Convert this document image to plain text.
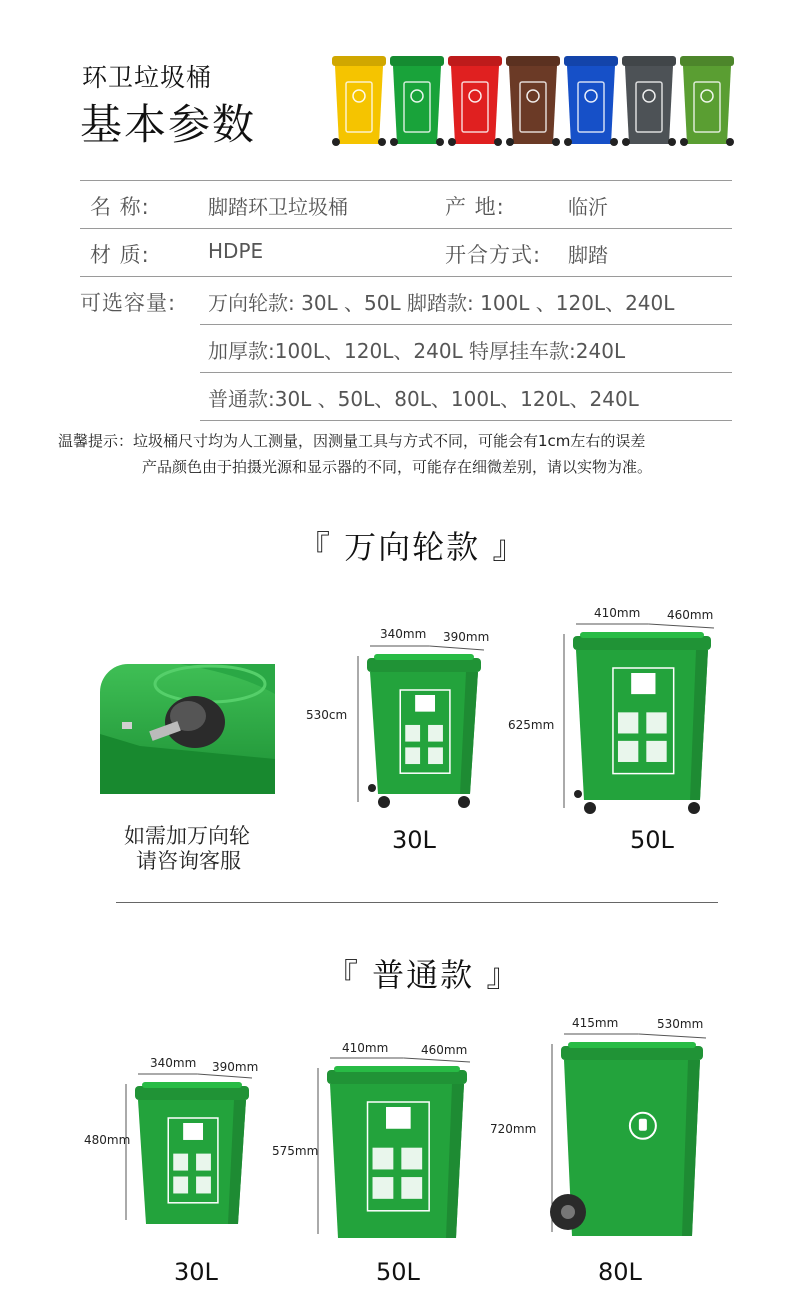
环卫垃圾桶
基本参数
名 称:	脚踏环卫垃圾桶	产 地:	临沂
材 质:	HDPE	开合方式: 脚踏
可选容量: 万向轮款: 30L 、50L 脚踏款: 100L 、120L、240L
加厚款:100L、120L、240L 特厚挂车款:240L
普通款:30L 、50L、80L、100L、120L、240L
温馨提示：垃圾桶尺寸均为人工测量，因测量工具与方式不同，可能会有1cm左右的误差
产品颜色由于拍摄光源和显示器的不同，可能存在细微差别，请以实物为准。
『 万向轮款 』
如需加万向轮
请咨询客服
340mm 390mm
530cm
30L
410mm 460mm
625mm
50L
『 普通款 』
340mm 390mm
480mm
30L
410mm	460mm
575mm
50L
415mm	530mm
720mm
80L
